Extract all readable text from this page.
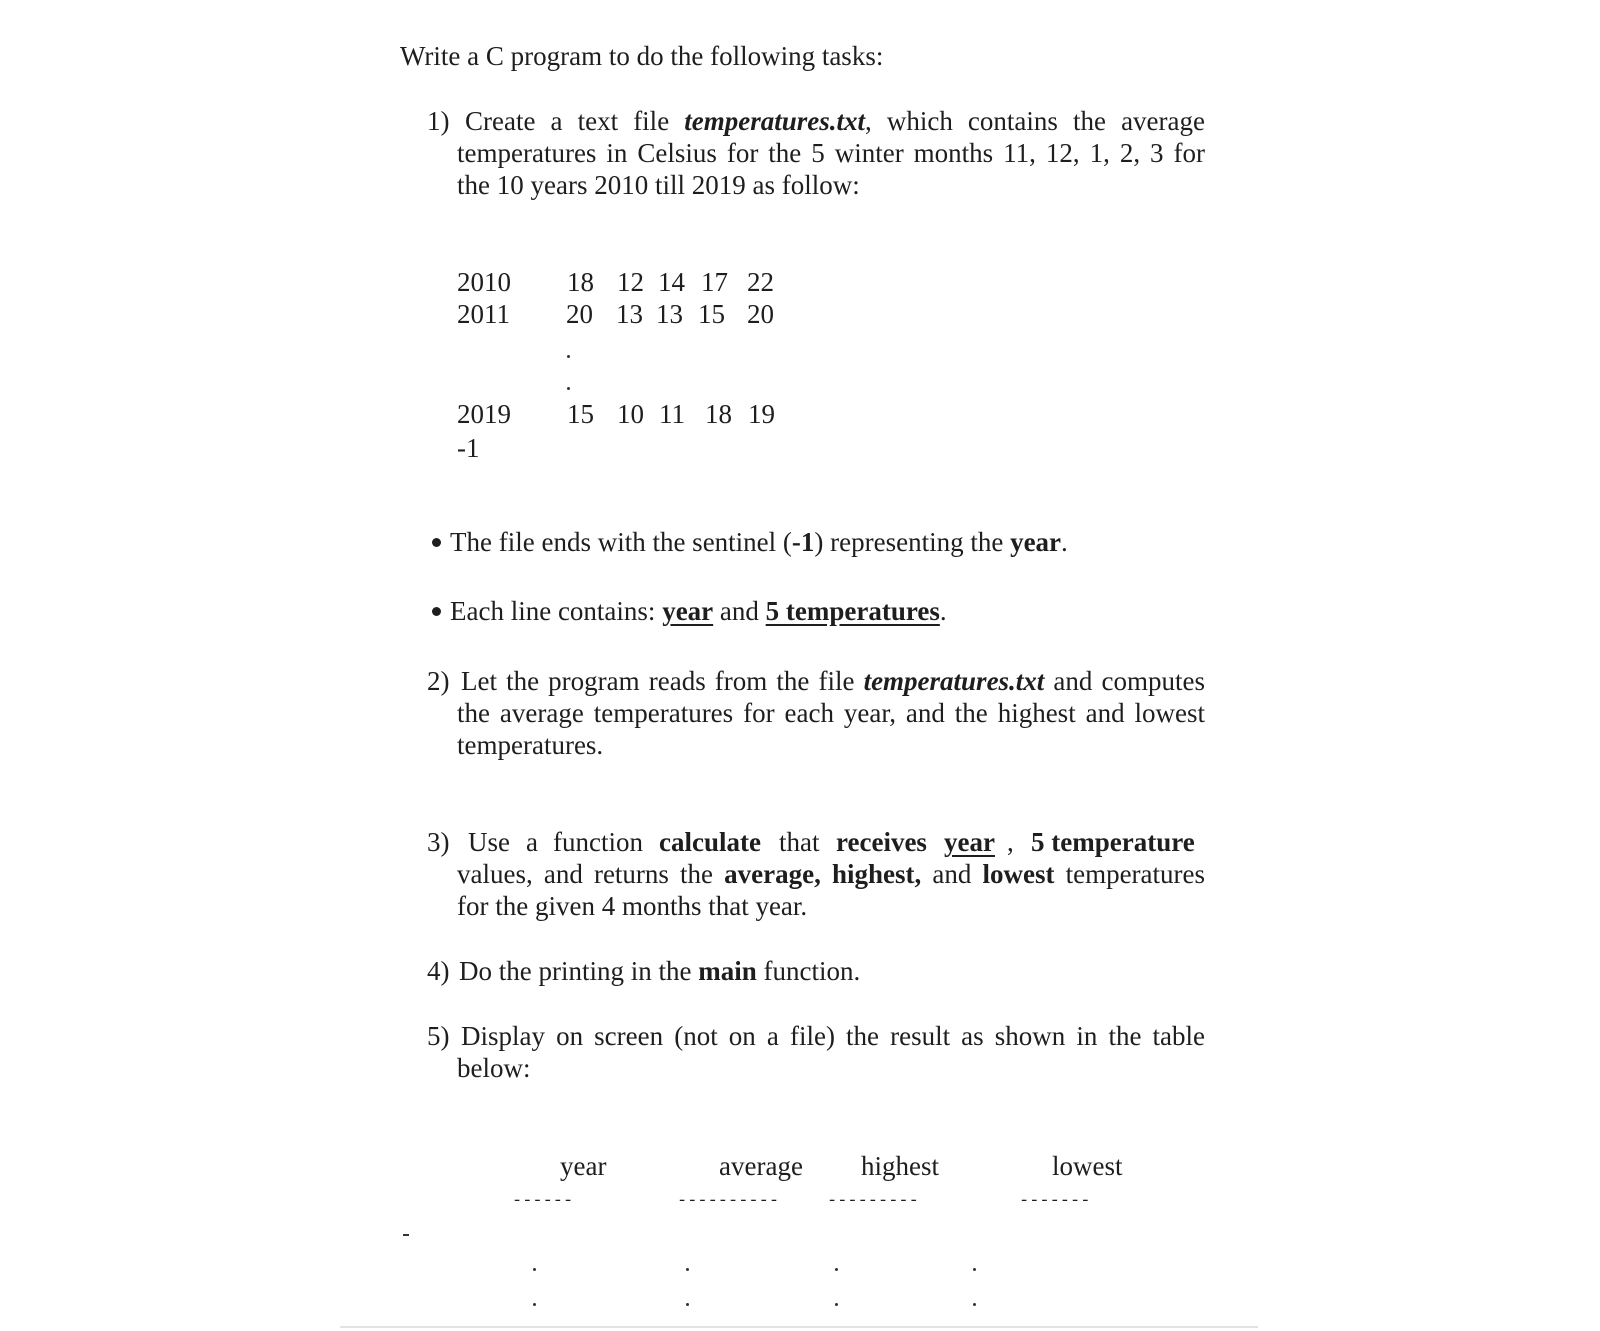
Write a C program to do the following tasks:
1) Create a text file temperatures.txt, which contains the average
temperatures in Celsius for the 5 winter months 11, 12, 1, 2, 3 for
the 10 years 2010 till 2019 as follow:
2010 18 12 14 17 22
2011 20 13 13 15 20
2019 15 10 11 18 19
-1
The file ends with the sentinel (-1) representing the year.
Each line contains: year and 5 temperatures.
2) Let the program reads from the file temperatures.txt and computes
the average temperatures for each year, and the highest and lowest
temperatures.
3) Use a function calculate that receives year , 5 temperature
values, and returns the average, highest, and lowest temperatures
for the given 4 months that year.
4) Do the printing in the main function.
5) Display on screen (not on a file) the result as shown in the table
below:
year	average highest	lowest
------	----------	---------	-------
